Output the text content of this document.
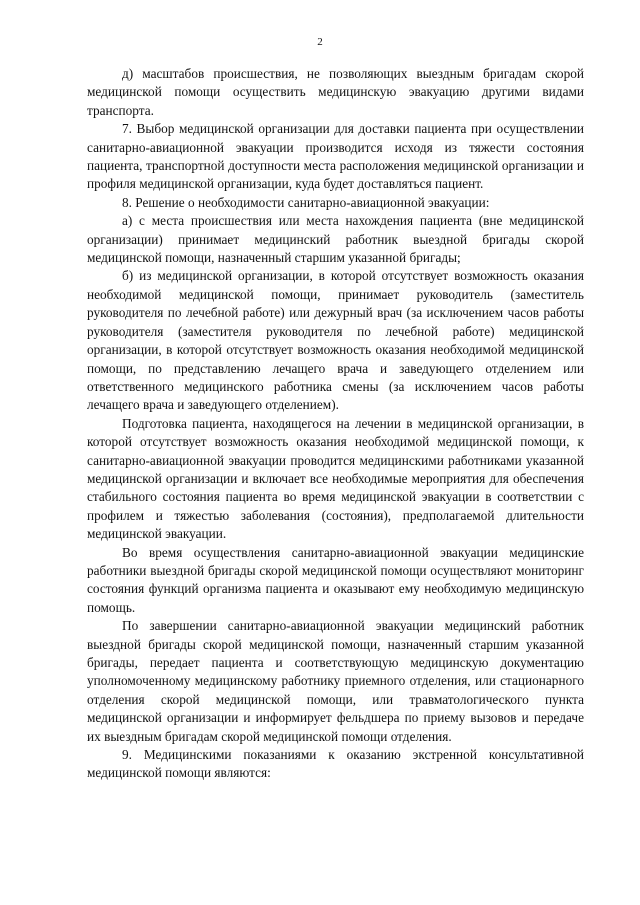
2

д) масштабов происшествия, не позволяющих выездным бригадам скорой медицинской помощи осуществить медицинскую эвакуацию другими видами транспорта.

7. Выбор медицинской организации для доставки пациента при осуществлении санитарно-авиационной эвакуации производится исходя из тяжести состояния пациента, транспортной доступности места расположения медицинской организации и профиля медицинской организации, куда будет доставляться пациент.

8. Решение о необходимости санитарно-авиационной эвакуации:

а) с места происшествия или места нахождения пациента (вне медицинской организации) принимает медицинский работник выездной бригады скорой медицинской помощи, назначенный старшим указанной бригады;

б) из медицинской организации, в которой отсутствует возможность оказания необходимой медицинской помощи, принимает руководитель (заместитель руководителя по лечебной работе) или дежурный врач (за исключением часов работы руководителя (заместителя руководителя по лечебной работе) медицинской организации, в которой отсутствует возможность оказания необходимой медицинской помощи, по представлению лечащего врача и заведующего отделением или ответственного медицинского работника смены (за исключением часов работы лечащего врача и заведующего отделением).

Подготовка пациента, находящегося на лечении в медицинской организации, в которой отсутствует возможность оказания необходимой медицинской помощи, к санитарно-авиационной эвакуации проводится медицинскими работниками указанной медицинской организации и включает все необходимые мероприятия для обеспечения стабильного состояния пациента во время медицинской эвакуации в соответствии с профилем и тяжестью заболевания (состояния), предполагаемой длительности медицинской эвакуации.

Во время осуществления санитарно-авиационной эвакуации медицинские работники выездной бригады скорой медицинской помощи осуществляют мониторинг состояния функций организма пациента и оказывают ему необходимую медицинскую помощь.

По завершении санитарно-авиационной эвакуации медицинский работник выездной бригады скорой медицинской помощи, назначенный старшим указанной бригады, передает пациента и соответствующую медицинскую документацию уполномоченному медицинскому работнику приемного отделения, или стационарного отделения скорой медицинской помощи, или травматологического пункта медицинской организации и информирует фельдшера по приему вызовов и передаче их выездным бригадам скорой медицинской помощи отделения.

9. Медицинскими показаниями к оказанию экстренной консультативной медицинской помощи являются:
